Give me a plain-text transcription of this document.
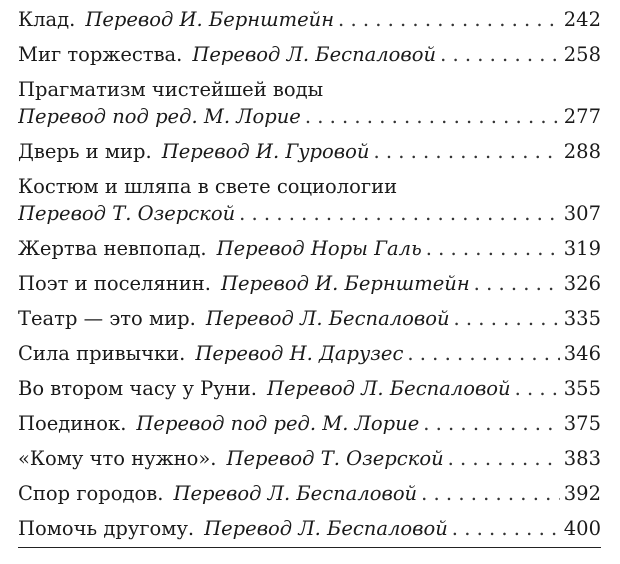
Клад. Перевод И. Бернштейн . . .	242
Миг торжества. Перевод Л. Беспаловой . . .	258
Прагматизм чистейшей воды
Перевод под ред. М. Лорие . . .	277
Дверь и мир. Перевод И. Гуровой . . .	288
Костюм и шляпа в свете социологии
Перевод Т. Озерской . . .	307
Жертва невпопад. Перевод Норы Галь . . .	319
Поэт и поселянин. Перевод И. Бернштейн . . .	326
Театр — это мир. Перевод Л. Беспаловой . . .	335
Сила привычки. Перевод Н. Дарузес . . .	346
Во втором часу у Руни. Перевод Л. Беспаловой . . .	355
Поединок. Перевод под ред. М. Лорие . . .	375
«Кому что нужно». Перевод Т. Озерской . . .	383
Спор городов. Перевод Л. Беспаловой . . .	392
Помочь другому. Перевод Л. Беспаловой . . .	400
